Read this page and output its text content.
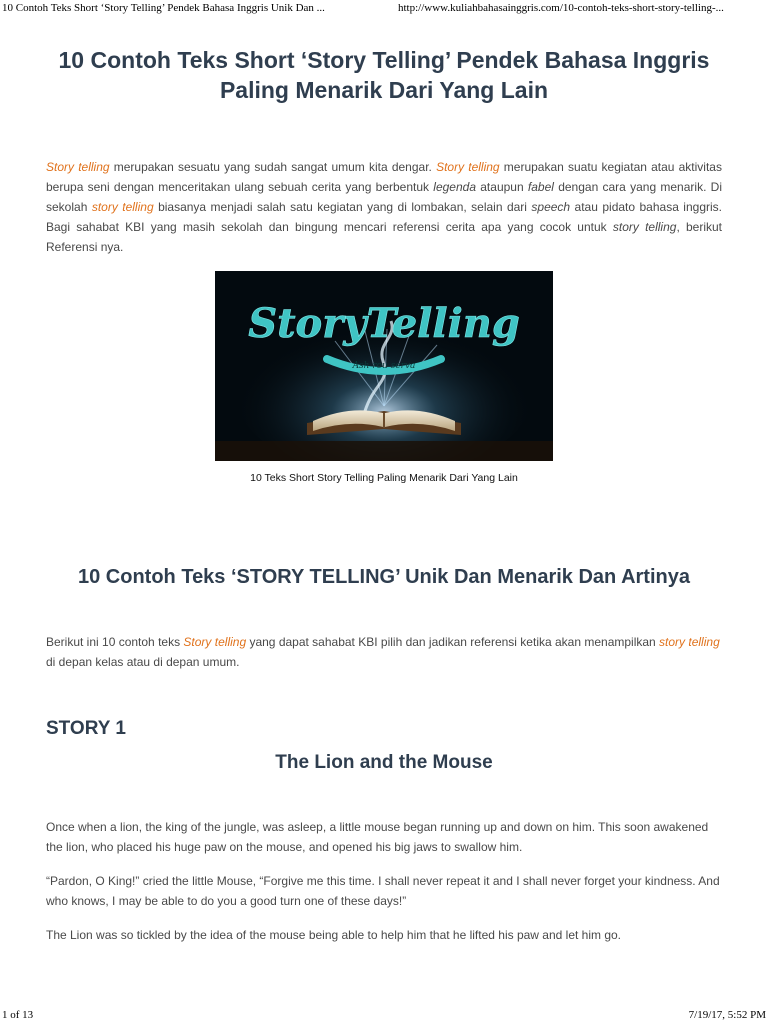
10 Contoh Teks Short ‘Story Telling’ Pendek Bahasa Inggris Unik Dan ...	http://www.kuliahbahasainggris.com/10-contoh-teks-short-story-telling-...
10 Contoh Teks Short ‘Story Telling’ Pendek Bahasa Inggris Paling Menarik Dari Yang Lain

Story telling merupakan sesuatu yang sudah sangat umum kita dengar. Story telling merupakan suatu kegiatan atau aktivitas berupa seni dengan menceritakan ulang sebuah cerita yang berbentuk legenda ataupun fabel dengan cara yang menarik. Di sekolah story telling biasanya menjadi salah satu kegiatan yang di lombakan, selain dari speech atau pidato bahasa inggris. Bagi sahabat KBI yang masih sekolah dan bingung mencari referensi cerita apa yang cocok untuk story telling, berikut Referensi nya.

StoryTelling
Ash rou serva
10 Teks Short Story Telling Paling Menarik Dari Yang Lain
10 Contoh Teks ‘STORY TELLING’ Unik Dan Menarik Dan Artinya

Berikut ini 10 contoh teks Story telling yang dapat sahabat KBI pilih dan jadikan referensi ketika akan menampilkan story telling di depan kelas atau di depan umum.

STORY 1
The Lion and the Mouse

Once when a lion, the king of the jungle, was asleep, a little mouse began running up and down on him. This soon awakened the lion, who placed his huge paw on the mouse, and opened his big jaws to swallow him.

“Pardon, O King!” cried the little Mouse, “Forgive me this time. I shall never repeat it and I shall never forget your kindness. And who knows, I may be able to do you a good turn one of these days!”

The Lion was so tickled by the idea of the mouse being able to help him that he lifted his paw and let him go.

1 of 13	7/19/17, 5:52 PM
